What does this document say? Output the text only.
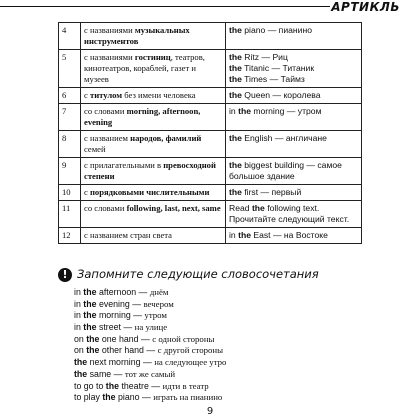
АРТИКЛЬ
4	с названиями музыкальных инструментов	the piano — пианино
5	с названиями гостиниц, театров, кинотеатров, кораблей, газет и музеев	the Ritz — Риц
the Titanic — Титаник
the Times — Таймз
6	с титулом без имени человека	the Queen — королева
7	со словами morning, afternoon, evening	in the morning — утром
8	с названием народов, фамилий семей	the English — англичане
9	с прилагательными в превосходной степени	the biggest building — самое большое здание
10	с порядковыми числительными	the first — первый
11	со словами following, last, next, same	Read the following text.
Прочитайте следующий текст.
12	с названием стран света	in the East — на Востоке
! Запомните следующие словосочетания
in the afternoon — днём
in the evening — вечером
in the morning — утром
in the street — на улице
on the one hand — с одной стороны
on the other hand — с другой стороны
the next morning — на следующее утро
the same — тот же самый
to go to the theatre — идти в театр
to play the piano — играть на пианино
9
